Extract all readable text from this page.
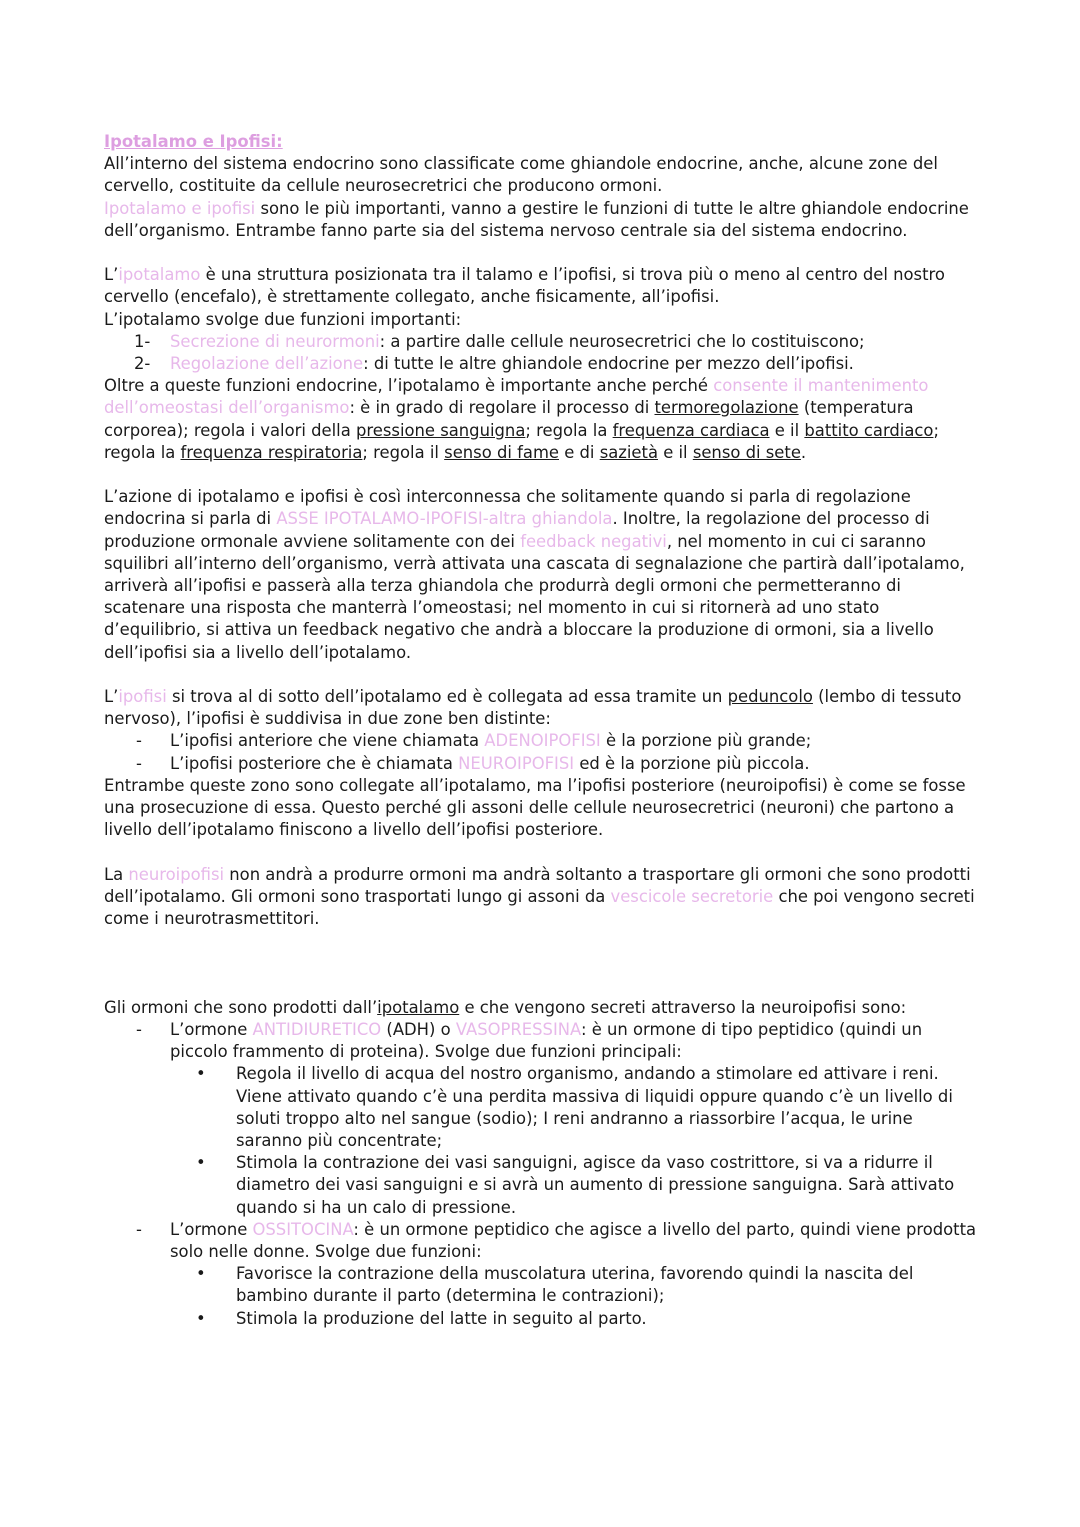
Ipotalamo e Ipofisi:

All’interno del sistema endocrino sono classificate come ghiandole endocrine, anche, alcune zone del cervello, costituite da cellule neurosecretrici che producono ormoni.

Ipotalamo e ipofisi sono le più importanti, vanno a gestire le funzioni di tutte le altre ghiandole endocrine dell’organismo. Entrambe fanno parte sia del sistema nervoso centrale sia del sistema endocrino.

L’ipotalamo è una struttura posizionata tra il talamo e l’ipofisi, si trova più o meno al centro del nostro cervello (encefalo), è strettamente collegato, anche fisicamente, all’ipofisi.

L’ipotalamo svolge due funzioni importanti:

1-	Secrezione di neurormoni: a partire dalle cellule neurosecretrici che lo costituiscono;
2-	Regolazione dell’azione: di tutte le altre ghiandole endocrine per mezzo dell’ipofisi.

Oltre a queste funzioni endocrine, l’ipotalamo è importante anche perché consente il mantenimento dell’omeostasi dell’organismo: è in grado di regolare il processo di termoregolazione (temperatura corporea); regola i valori della pressione sanguigna; regola la frequenza cardiaca e il battito cardiaco; regola la frequenza respiratoria; regola il senso di fame e di sazietà e il senso di sete.

L’azione di ipotalamo e ipofisi è così interconnessa che solitamente quando si parla di regolazione endocrina si parla di ASSE IPOTALAMO-IPOFISI-altra ghiandola. Inoltre, la regolazione del processo di produzione ormonale avviene solitamente con dei feedback negativi, nel momento in cui ci saranno squilibri all’interno dell’organismo, verrà attivata una cascata di segnalazione che partirà dall’ipotalamo, arriverà all’ipofisi e passerà alla terza ghiandola che produrrà degli ormoni che permetteranno di scatenare una risposta che manterrà l’omeostasi; nel momento in cui si ritornerà ad uno stato d’equilibrio, si attiva un feedback negativo che andrà a bloccare la produzione di ormoni, sia a livello dell’ipofisi sia a livello dell’ipotalamo.

L’ipofisi si trova al di sotto dell’ipotalamo ed è collegata ad essa tramite un peduncolo (lembo di tessuto nervoso), l’ipofisi è suddivisa in due zone ben distinte:

-	L’ipofisi anteriore che viene chiamata ADENOIPOFISI è la porzione più grande;
-	L’ipofisi posteriore che è chiamata NEUROIPOFISI ed è la porzione più piccola.

Entrambe queste zono sono collegate all’ipotalamo, ma l’ipofisi posteriore (neuroipofisi) è come se fosse una prosecuzione di essa. Questo perché gli assoni delle cellule neurosecretrici (neuroni) che partono a livello dell’ipotalamo finiscono a livello dell’ipofisi posteriore.

La neuroipofisi non andrà a produrre ormoni ma andrà soltanto a trasportare gli ormoni che sono prodotti dell’ipotalamo. Gli ormoni sono trasportati lungo gi assoni da vescicole secretorie che poi vengono secreti come i neurotrasmettitori.

Gli ormoni che sono prodotti dall’ipotalamo e che vengono secreti attraverso la neuroipofisi sono:

-	L’ormone ANTIDIURETICO (ADH) o VASOPRESSINA: è un ormone di tipo peptidico (quindi un piccolo frammento di proteina). Svolge due funzioni principali:
•	Regola il livello di acqua del nostro organismo, andando a stimolare ed attivare i reni. Viene attivato quando c’è una perdita massiva di liquidi oppure quando c’è un livello di soluti troppo alto nel sangue (sodio); I reni andranno a riassorbire l’acqua, le urine saranno più concentrate;
•	Stimola la contrazione dei vasi sanguigni, agisce da vaso costrittore, si va a ridurre il diametro dei vasi sanguigni e si avrà un aumento di pressione sanguigna. Sarà attivato quando si ha un calo di pressione.
-	L’ormone OSSITOCINA: è un ormone peptidico che agisce a livello del parto, quindi viene prodotta solo nelle donne. Svolge due funzioni:
•	Favorisce la contrazione della muscolatura uterina, favorendo quindi la nascita del bambino durante il parto (determina le contrazioni);
•	Stimola la produzione del latte in seguito al parto.
